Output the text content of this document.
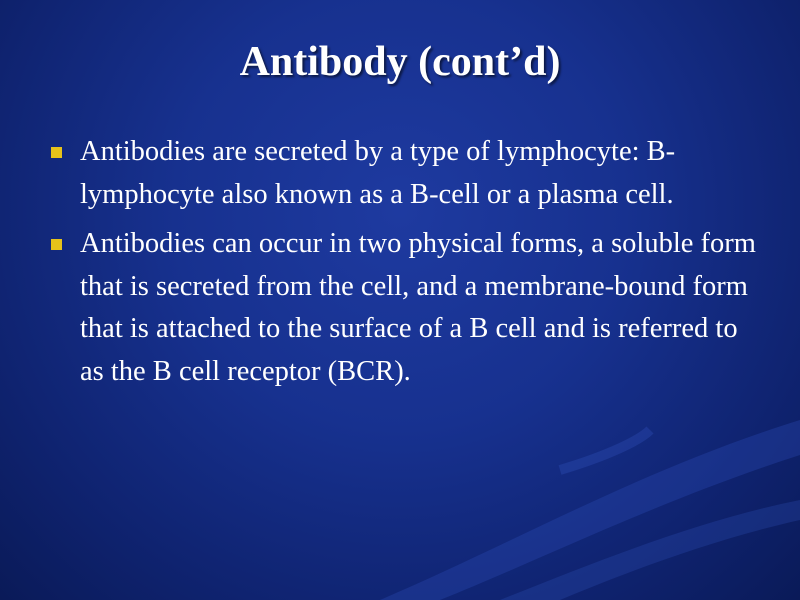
Antibody (cont’d)
Antibodies are secreted by a type of lymphocyte: B-lymphocyte also known as a B-cell or a plasma cell.
Antibodies can occur in two physical forms, a soluble form that is secreted from the cell, and a membrane-bound form that is attached to the surface of a B cell and is referred to as the B cell receptor (BCR).
